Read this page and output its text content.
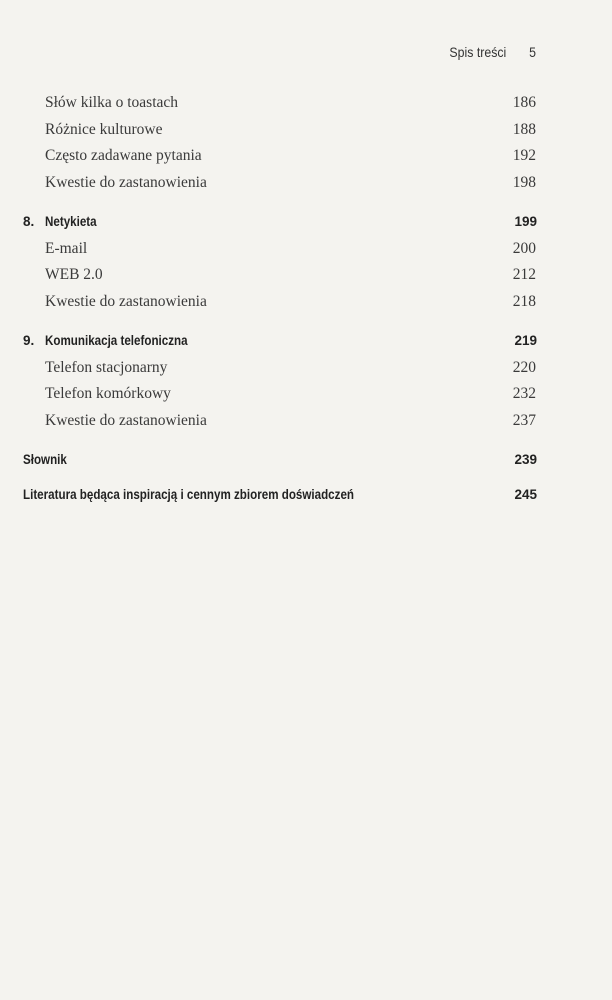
Spis treści 5
Słów kilka o toastach	186
Różnice kulturowe	188
Często zadawane pytania	192
Kwestie do zastanowienia	198
8. Netykieta	199
E-mail	200
WEB 2.0	212
Kwestie do zastanowienia	218
9. Komunikacja telefoniczna	219
Telefon stacjonarny	220
Telefon komórkowy	232
Kwestie do zastanowienia	237
Słownik	239
Literatura będąca inspiracją i cennym zbiorem doświadczeń	245
